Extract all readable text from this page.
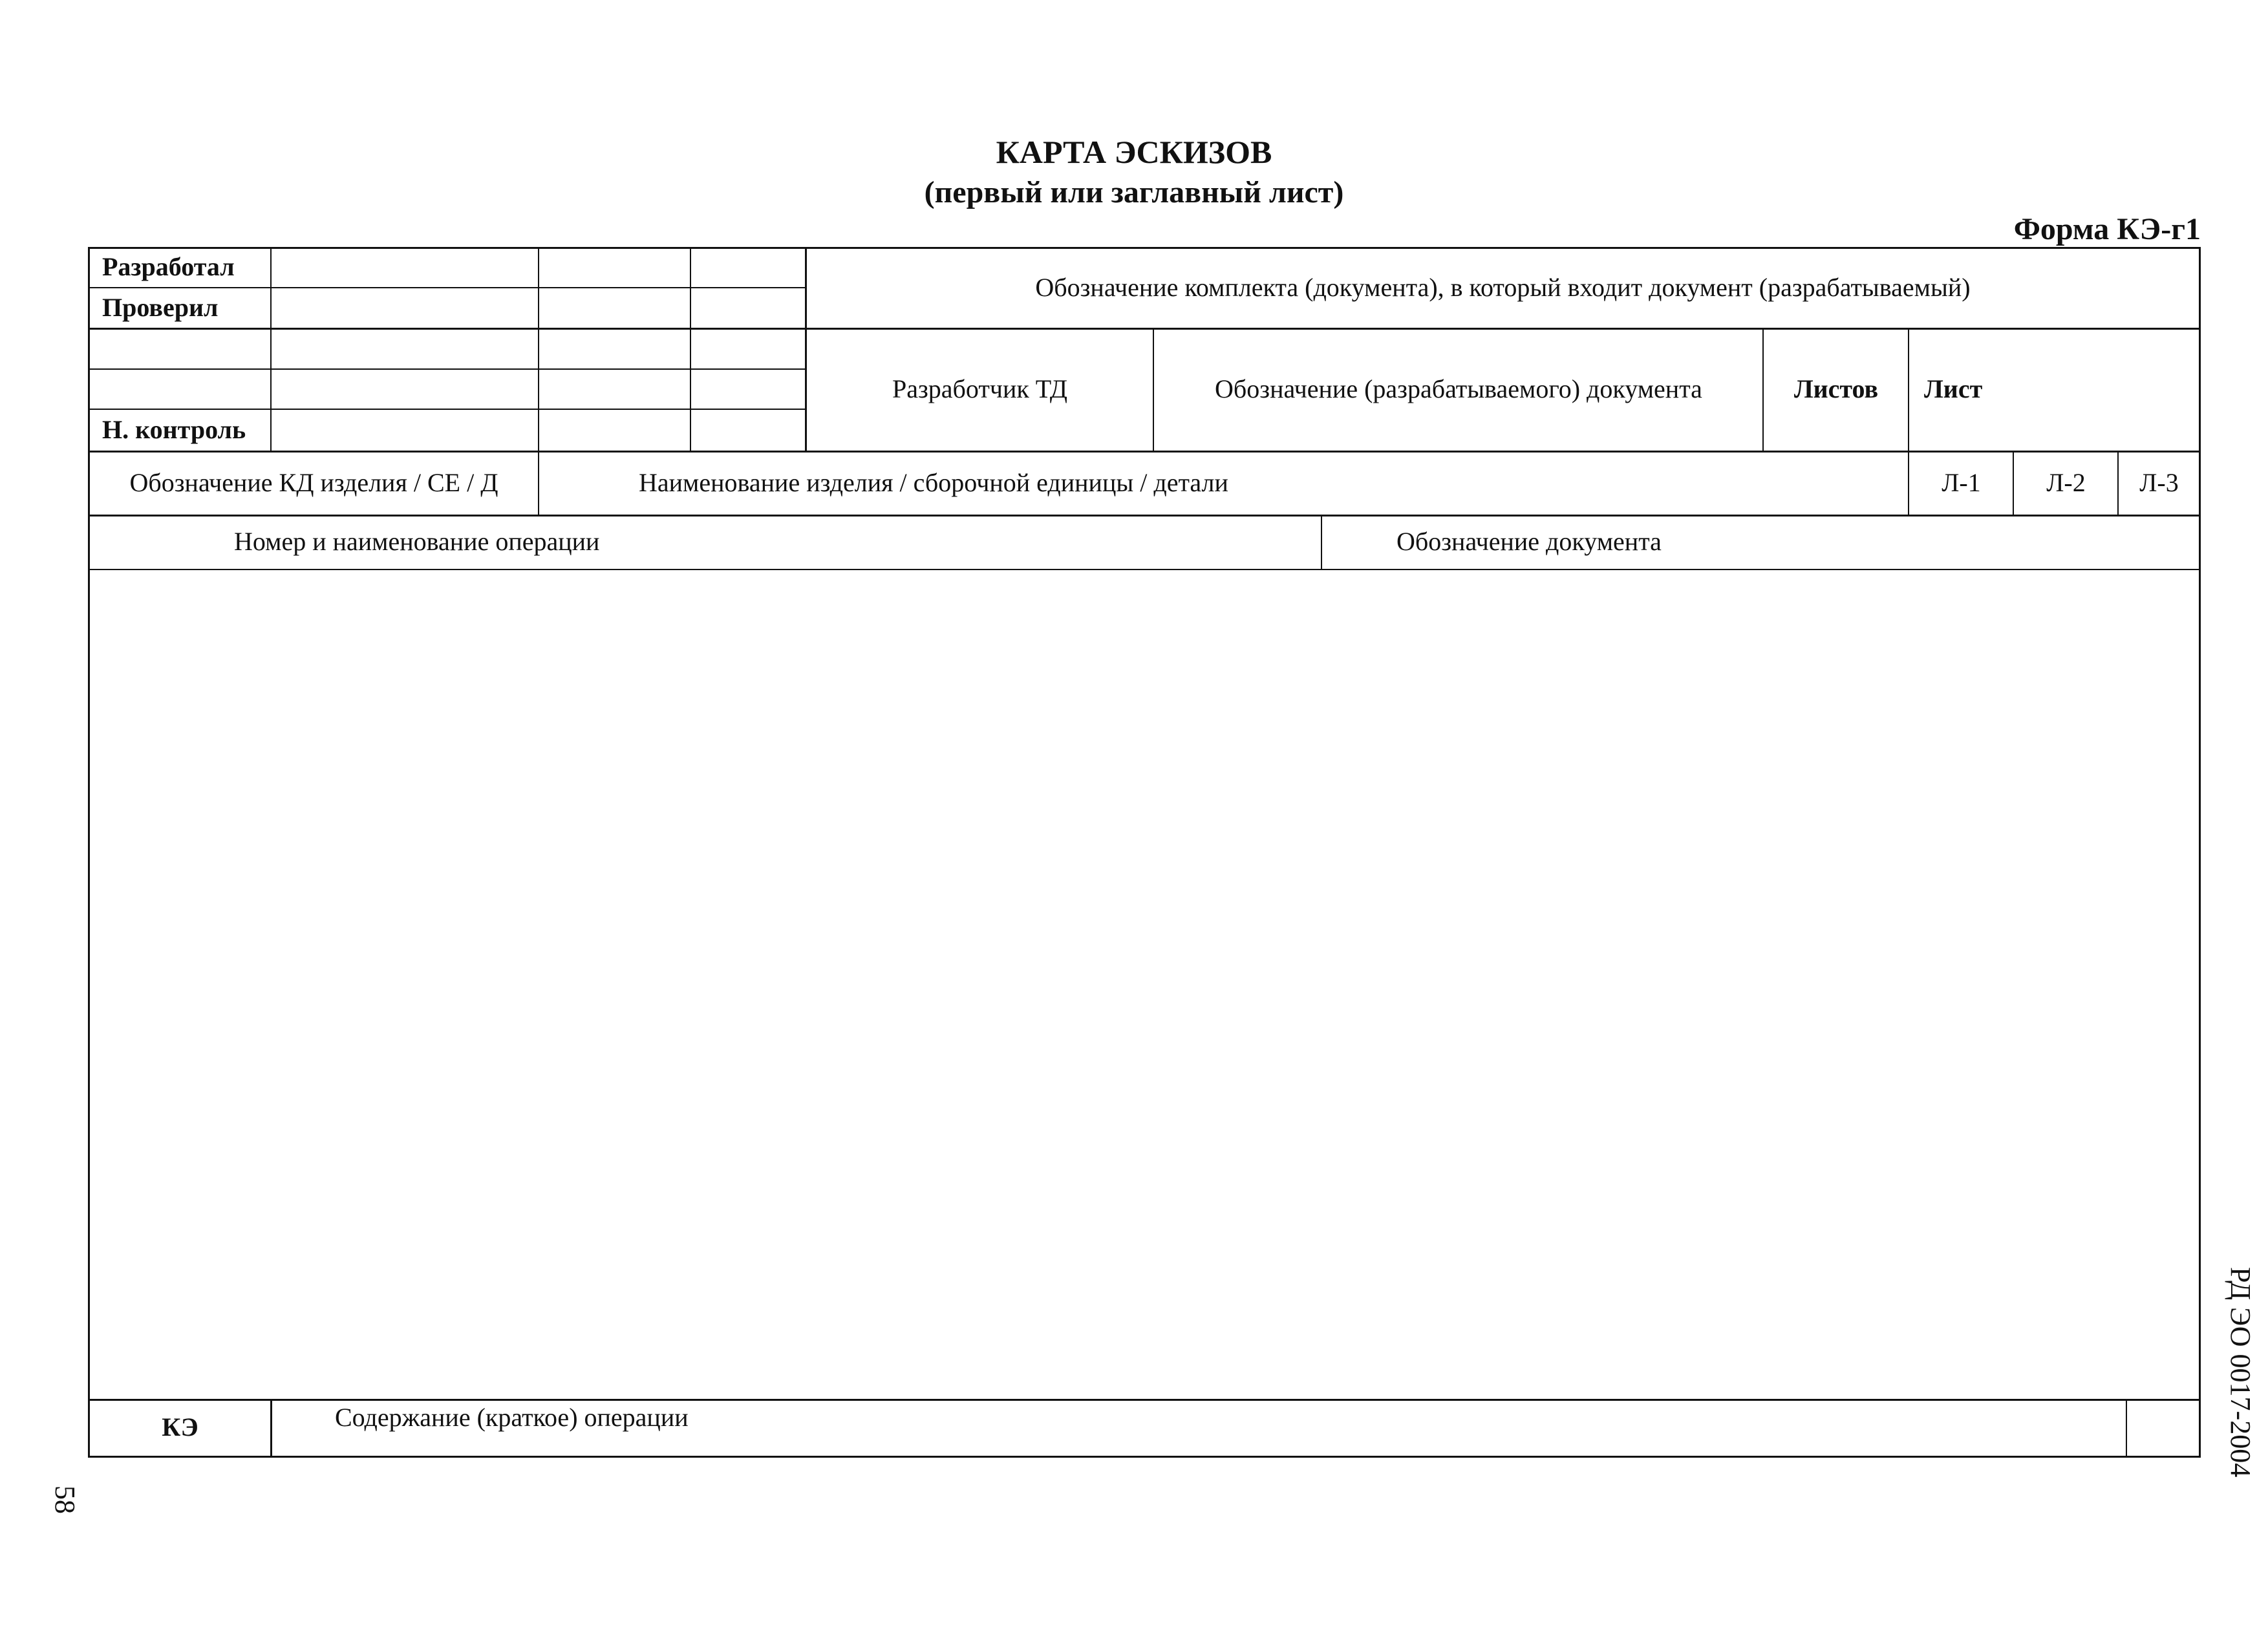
КАРТА ЭСКИЗОВ
(первый или заглавный лист)
Форма КЭ-г1
Разработал
Проверил
Н. контроль
Обозначение комплекта (документа), в который входит документ (разрабатываемый)
Разработчик ТД	Обозначение (разрабатываемого) документа	Листов	Лист
Обозначение КД изделия / СЕ / Д	Наименование изделия / сборочной единицы / детали	Л-1	Л-2	Л-3
Номер и наименование операции	Обозначение документа
КЭ	Содержание (краткое) операции	РД ЭО 0017-2004
58
